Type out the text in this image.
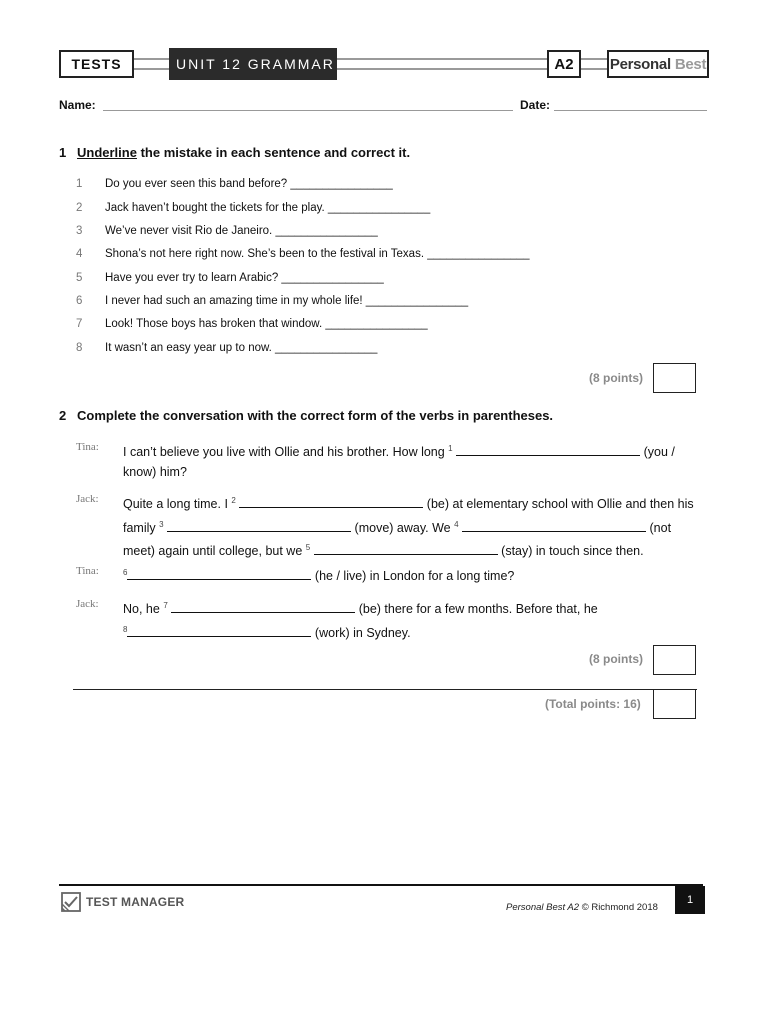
TESTS	UNIT 12 GRAMMAR	A2	Personal Best
Name:	Date:
1 Underline the mistake in each sentence and correct it.
1 Do you ever seen this band before? ________________
2 Jack haven’t bought the tickets for the play. ________________
3 We’ve never visit Rio de Janeiro. ________________
4 Shona’s not here right now. She’s been to the festival in Texas. ________________
5 Have you ever try to learn Arabic? ________________
6 I never had such an amazing time in my whole life! ________________
7 Look! Those boys has broken that window. ________________
8 It wasn’t an easy year up to now. ________________
(8 points)
2 Complete the conversation with the correct form of the verbs in parentheses.
Tina: I can’t believe you live with Ollie and his brother. How long $^1$	(you / know) him?
Jack: Quite a long time. I $^2$	(be) at elementary school with Ollie and then his family $^3$	(move) away. We $^4$	(not meet) again until college, but we $^5$	(stay) in touch since then.
Tina:	$^6$	(he / live) in London for a long time?
Jack: No, he $^7$	(be) there for a few months. Before that, he
$^8$	(work) in Sydney.
(8 points)
(Total points: 16)
TEST MANAGER	Personal Best A2 © Richmond 2018
1
